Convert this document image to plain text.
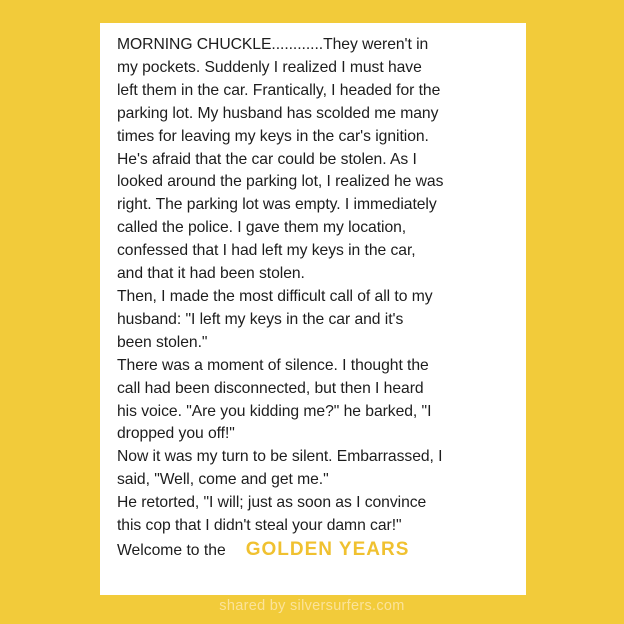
MORNING CHUCKLE............They weren't in
my pockets. Suddenly I realized I must have
left them in the car. Frantically, I headed for the
parking lot. My husband has scolded me many
times for leaving my keys in the car's ignition.
He's afraid that the car could be stolen. As I
looked around the parking lot, I realized he was
right. The parking lot was empty. I immediately
called the police. I gave them my location,
confessed that I had left my keys in the car,
and that it had been stolen.
Then, I made the most difficult call of all to my
husband: "I left my keys in the car and it's
been stolen."
There was a moment of silence. I thought the
call had been disconnected, but then I heard
his voice. "Are you kidding me?" he barked, "I
dropped you off!"
Now it was my turn to be silent. Embarrassed, I
said, "Well, come and get me."
He retorted, "I will; just as soon as I convince
this cop that I didn't steal your damn car!"

Welcome to the GOLDEN YEARS

shared by silversurfers.com
